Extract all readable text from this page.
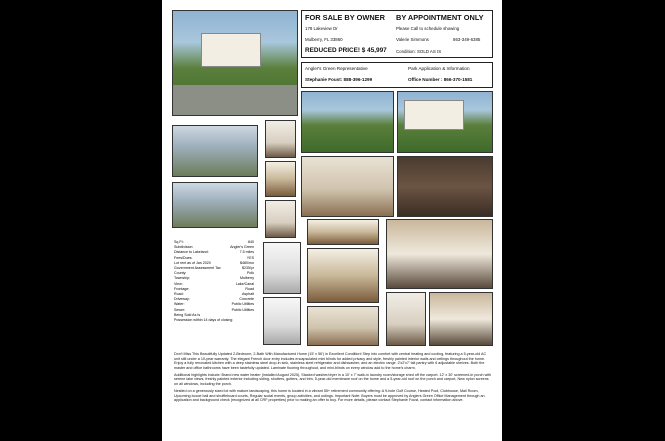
FOR SALE BY OWNER BY APPOINTMENT ONLY
178 Lakeview Dr
Mulberry, FL 33860
REDUCED PRICE! $ 45,997
Please Call to schedule showing
Valerie Simmons	863-349-6385
Condition: SOLD AS IS
Angler's Green Representative
Stephanie Foust: 888-396-1299
Park Application & Information
Office Number : 866-370-1581
Sq Ft:	840
Subdivision:	Angler's Green
Distance to Lakeland:	7.5 miles
Fees/Dues:	YES
Lot rent as of Jan 2020	$480/mo
Government Assessment Tax	$235/yr
County:	Polk
Township:	Mulberry
View:	Lake/Canal
Frontage:	Road
Road:	Asphalt
Driveway:	Concrete
Water:	Public Utilities
Sewer:	Public Utilities
Being Sold As Is
Possession within 14 days of closing

Don't Miss This Beautifully Updated 2-Bedroom, 2-Bath With Manufactured Home (15' x 56') in Excellent Condition! Step into comfort with central heating and cooling, featuring a 5-year-old AC unit still under a 10-year warranty. The elegant French door entry includes encapsulated mini blinds for added privacy and style, freshly painted interior walls and ceilings throughout the home. Enjoy a fully renovated kitchen with a deep stainless steel drop-in sink, stainless steel refrigerator and dishwasher, and an electric range. 2'x2'x7' tall pantry with 6 adjustable shelves. Both the master and office bathrooms have been tastefully updated. Laminate flooring throughout, and mini-blinds on every window add to the home's charm.

Additional highlights include: Brand new water heater (installed August 2025), Stacked washer/dryer in a 10' x 7' walk-in laundry room/storage shed off the carport. 12' x 30' screened-in porch with serene lake views, freshly painted exterior including siding, shutters, gutters, and trim, 5-year-old membrane roof on the home and a 5-year-old roof on the porch and carport, New nylon screens on all windows, including the porch.

Nestled on a generously sized lot with mature landscaping, this home is located in a vibrant 55+ retirement community offering: A 9-hole Golf Course, Heated Pool, Clubhouse, Mail Room, Upcoming bocce ball and shuffleboard courts, Regular social events, group activities, and outings. Important Note: Buyers must be approved by Anglers Green Office Management through an application and background check (recognized at all CRF properties) prior to making an offer to buy. For more details, please contact Stephanie Foust, contact information above.
